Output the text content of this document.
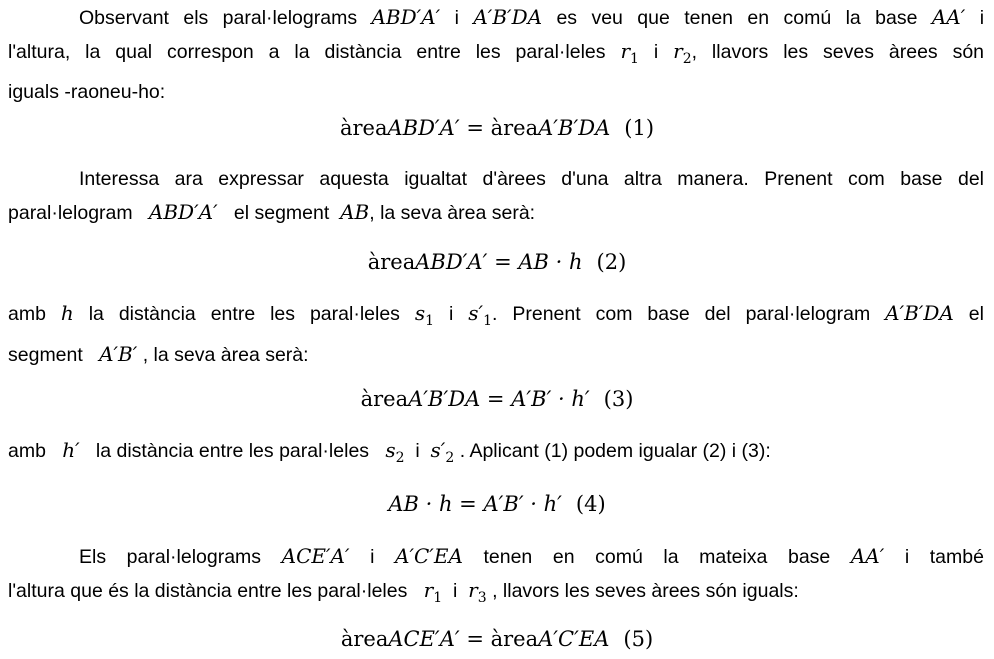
Observant els paral·lelograms ABD′A′ i A′B′DA es veu que tenen en comú la base AA′ i
l'altura, la qual correspon a la distància entre les paral·leles $r_1$ i $r_2$, llavors les seves àrees són
iguals -raoneu-ho:
àreaABD′A′ = àreaA′B′DA (1)
Interessa ara expressar aquesta igualtat d'àrees d'una altra manera. Prenent com base del
paral·lelogram ABD′A′ el segment AB, la seva àrea serà:
àreaABD′A′ = AB · h (2)
amb h la distància entre les paral·leles $s_1$ i $s'_1$. Prenent com base del paral·lelogram A′B′DA el
segment A′B′ , la seva àrea serà:
àreaA′B′DA = A′B′ · h′ (3)
amb h′ la distància entre les paral·leles $s_2$ i $s'_2$ . Aplicant (1) podem igualar (2) i (3):
AB · h = A′B′ · h′ (4)
Els paral·lelograms ACE′A′ i A′C′EA tenen en comú la mateixa base AA′ i també
l'altura que és la distància entre les paral·leles $r_1$ i $r_3$ , llavors les seves àrees són iguals:
àreaACE′A′ = àreaA′C′EA (5)
